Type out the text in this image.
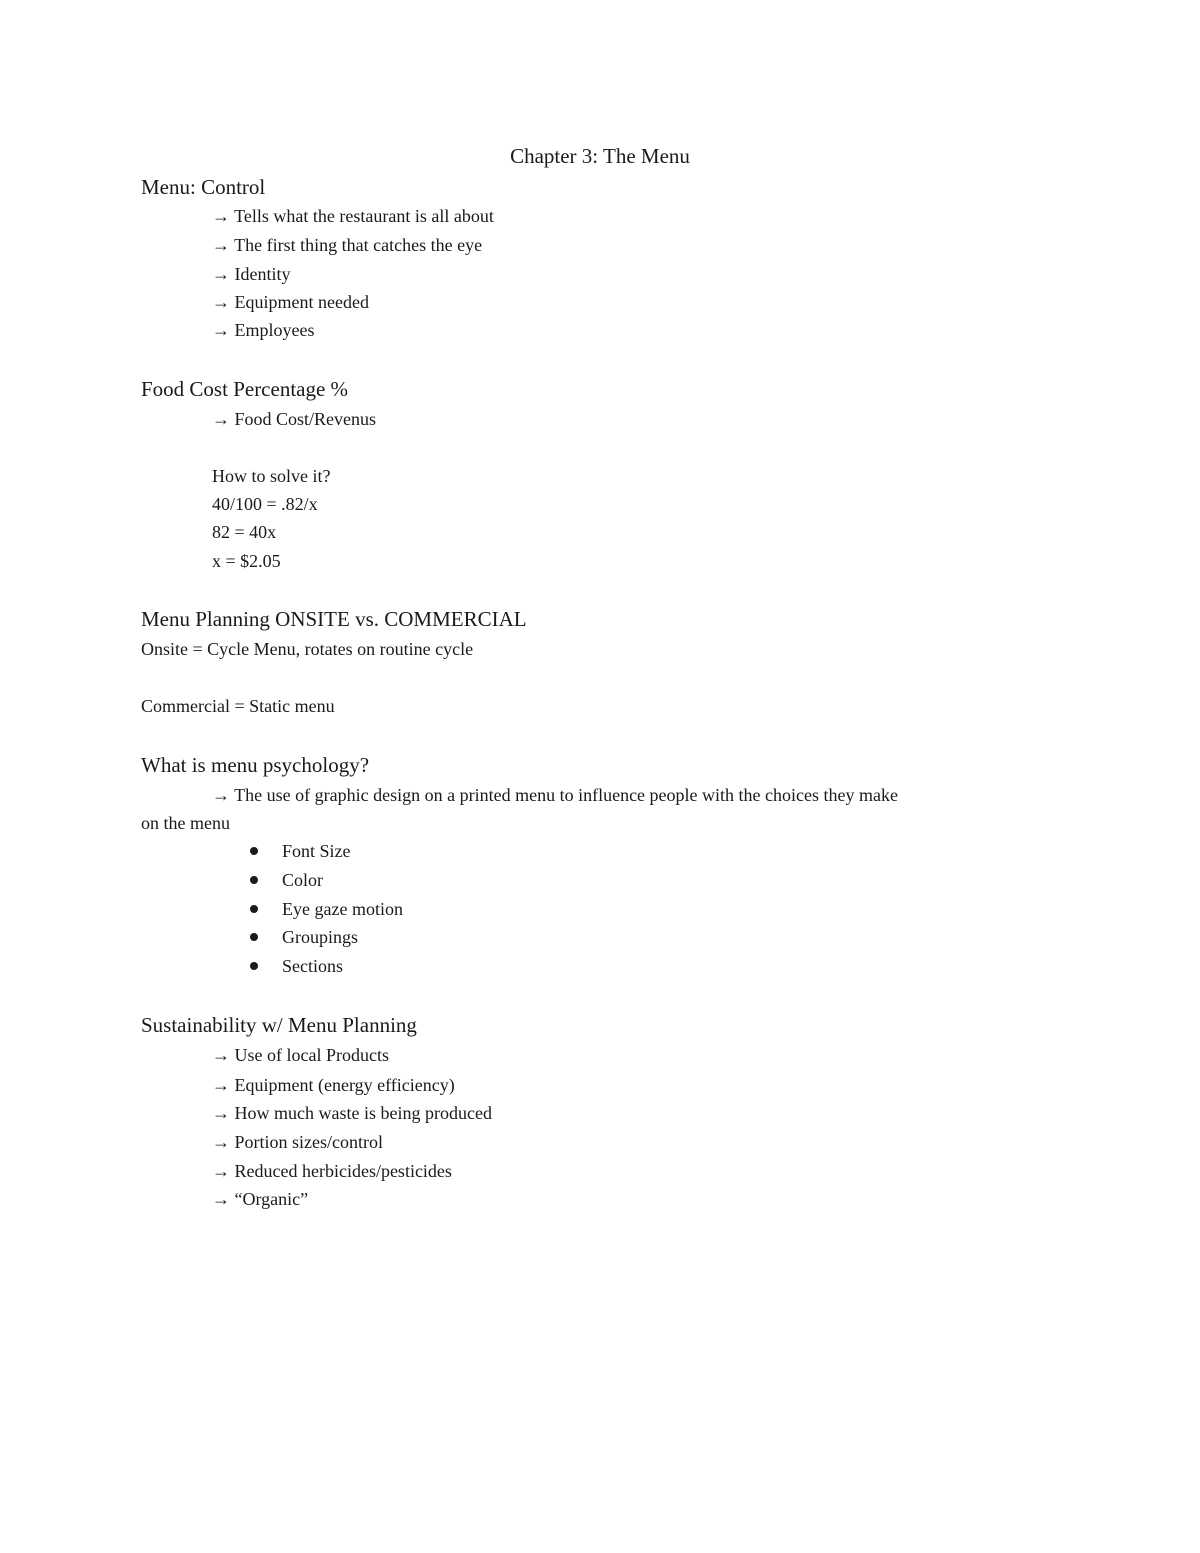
Chapter 3: The Menu
Menu: Control

→ Tells what the restaurant is all about

→ The first thing that catches the eye

→ Identity

→ Equipment needed

→ Employees

Food Cost Percentage %

→ Food Cost/Revenus

How to solve it?

40/100 = .82/x

82 = 40x

x = $2.05

Menu Planning ONSITE vs. COMMERCIAL

Onsite = Cycle Menu, rotates on routine cycle

Commercial = Static menu

What is menu psychology?

→ The use of graphic design on a printed menu to influence people with the choices they make

on the menu

Font Size
Color
Eye gaze motion
Groupings
Sections
Sustainability w/ Menu Planning

→ Use of local Products

→ Equipment (energy efficiency)

→ How much waste is being produced

→ Portion sizes/control

→ Reduced herbicides/pesticides

→ “Organic”
